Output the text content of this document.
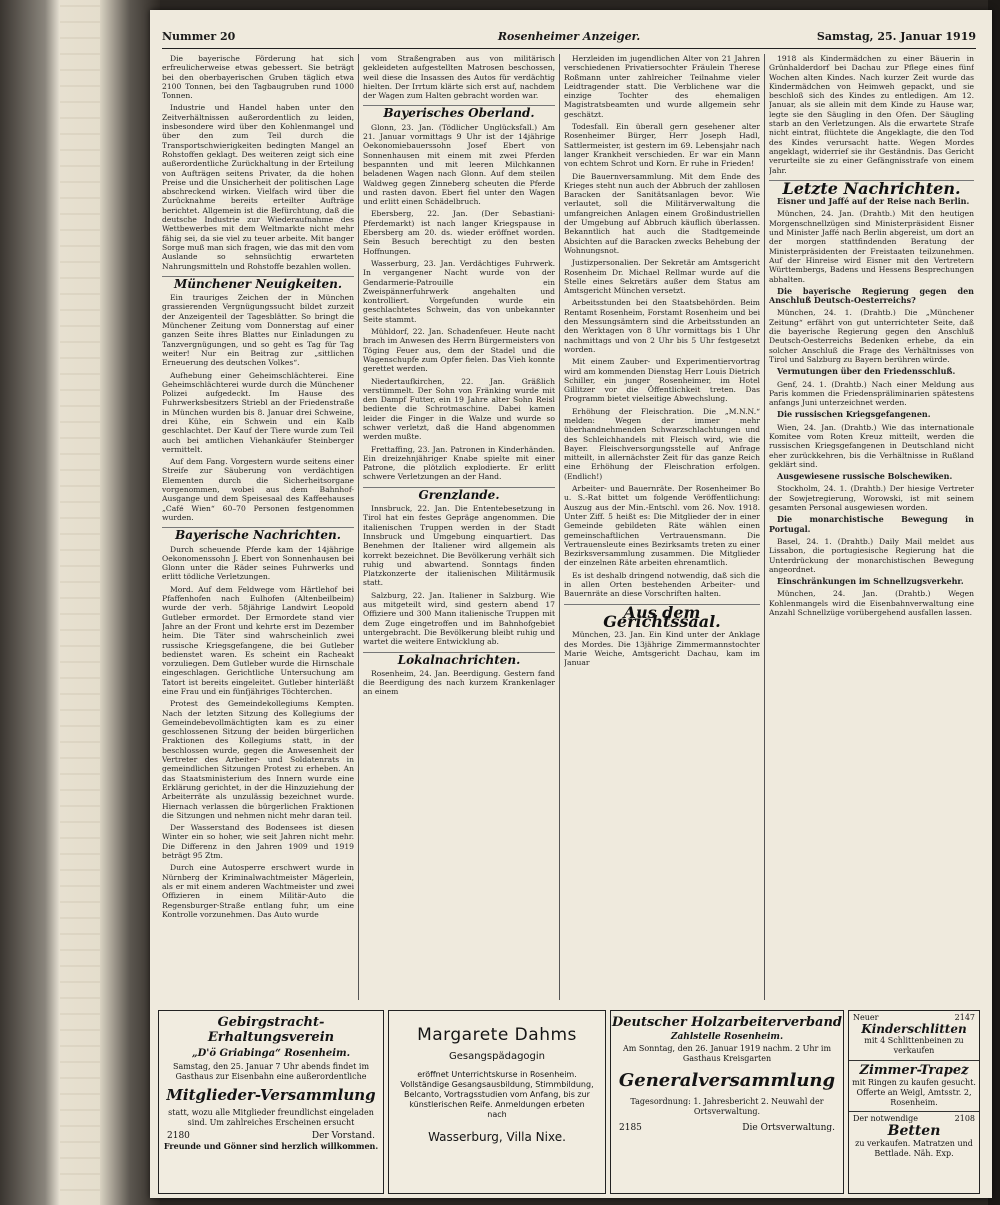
Nummer 20	Rosenheimer Anzeiger.	Samstag, 25. Januar 1919

Die bayerische Förderung hat sich erfreulicherweise etwas gebessert. Sie beträgt bei den oberbayerischen Gruben täglich etwa 2100 Tonnen, bei den Tagbaugruben rund 1000 Tonnen.

Industrie und Handel haben unter den Zeitverhältnissen außerordentlich zu leiden, insbesondere wird über den Kohlenmangel und über den zum Teil durch die Transportschwierigkeiten bedingten Mangel an Rohstoffen geklagt. Des weiteren zeigt sich eine außerordentliche Zurückhaltung in der Erteilung von Aufträgen seitens Privater, da die hohen Preise und die Unsicherheit der politischen Lage abschreckend wirken. Vielfach wird über die Zurücknahme bereits erteilter Aufträge berichtet. Allgemein ist die Befürchtung, daß die deutsche Industrie zur Wiederaufnahme des Wettbewerbes mit dem Weltmarkte nicht mehr fähig sei, da sie viel zu teuer arbeite. Mit banger Sorge muß man sich fragen, wie das mit den vom Auslande so sehnsüchtig erwarteten Nahrungsmitteln und Rohstoffe bezahlen wollen.

Münchener Neuigkeiten.

Ein trauriges Zeichen der in München grassierenden Vergnügungssucht bildet zurzeit der Anzeigenteil der Tagesblätter. So bringt die Münchener Zeitung vom Donnerstag auf einer ganzen Seite ihres Blattes nur Einladungen zu Tanzvergnügungen, und so geht es Tag für Tag weiter! Nur ein Beitrag zur „sittlichen Erneuerung des deutschen Volkes“.

Aufhebung einer Geheimschlächterei. Eine Geheimschlächterei wurde durch die Münchener Polizei aufgedeckt. Im Hause des Fuhrwerksbesitzers Striebl an der Friedenstraße in München wurden bis 8. Januar drei Schweine, drei Kühe, ein Schwein und ein Kalb geschlachtet. Der Kauf der Tiere wurde zum Teil auch bei amtlichen Viehankäufer Steinberger vermittelt.

Auf dem Fang. Vorgestern wurde seitens einer Streife zur Säuberung von verdächtigen Elementen durch die Sicherheitsorgane vorgenommen, wobei aus dem Bahnhof-Ausgange und dem Speisesaal des Kaffeehauses „Café Wien“ 60–70 Personen festgenommen wurden.

Bayerische Nachrichten.

Durch scheuende Pferde kam der 14jährige Oekonomenssohn J. Ebert von Sonnenhausen bei Glonn unter die Räder seines Fuhrwerks und erlitt tödliche Verletzungen.

Mord. Auf dem Feldwege vom Härtlehof bei Pfaffenhofen nach Eulhofen (Altenbeilbeim) wurde der verh. 58jährige Landwirt Leopold Gutleber ermordet. Der Ermordete stand vier Jahre an der Front und kehrte erst im Dezember heim. Die Täter sind wahrscheinlich zwei russische Kriegsgefangene, die bei Gutleber bedienstet waren. Es scheint ein Racheakt vorzuliegen. Dem Gutleber wurde die Hirnschale eingeschlagen. Gerichtliche Untersuchung am Tatort ist bereits eingeleitet. Gutleber hinterläßt eine Frau und ein fünfjähriges Töchterchen.

Protest des Gemeindekollegiums Kempten. Nach der letzten Sitzung des Kollegiums der Gemeindebevollmächtigten kam es zu einer geschlossenen Sitzung der beiden bürgerlichen Fraktionen des Kollegiums statt, in der beschlossen wurde, gegen die Anwesenheit der Vertreter des Arbeiter- und Soldatenrats in gemeindlichen Sitzungen Protest zu erheben. An das Staatsministerium des Innern wurde eine Erklärung gerichtet, in der die Hinzuziehung der Arbeiterräte als unzulässig bezeichnet wurde. Hiernach verlassen die bürgerlichen Fraktionen die Sitzungen und nehmen nicht mehr daran teil.

Der Wasserstand des Bodensees ist diesen Winter ein so hoher, wie seit Jahren nicht mehr. Die Differenz in den Jahren 1909 und 1919 beträgt 95 Ztm.

Durch eine Autosperre erschwert wurde in Nürnberg der Kriminalwachtmeister Mägerlein, als er mit einem anderen Wachtmeister und zwei Offizieren in einem Militär-Auto die Regensburger-Straße entlang fuhr, um eine Kontrolle vorzunehmen. Das Auto wurde

vom Straßengraben aus von militärisch gekleideten aufgestellten Matrosen beschossen, weil diese die Insassen des Autos für verdächtig hielten. Der Irrtum klärte sich erst auf, nachdem der Wagen zum Halten gebracht worden war.

Bayerisches Oberland.

Glonn, 23. Jan. (Tödlicher Unglücksfall.) Am 21. Januar vormittags 9 Uhr ist der 14jährige Oekonomiebauerssohn Josef Ebert von Sonnenhausen mit einem mit zwei Pferden bespannten und mit leeren Milchkannen beladenen Wagen nach Glonn. Auf dem steilen Waldweg gegen Zinneberg scheuten die Pferde und rasten davon. Ebert fiel unter den Wagen und erlitt einen Schädelbruch.

Ebersberg, 22. Jan. (Der Sebastiani-Pferdemarkt) ist nach langer Kriegspause in Ebersberg am 20. ds. wieder eröffnet worden. Sein Besuch berechtigt zu den besten Hoffnungen.

Wasserburg, 23. Jan. Verdächtiges Fuhrwerk. In vergangener Nacht wurde von der Gendarmerie-Patrouille ein Zweispännerfuhrwerk angehalten und kontrolliert. Vorgefunden wurde ein geschlachtetes Schwein, das von unbekannter Seite stammt.

Mühldorf, 22. Jan. Schadenfeuer. Heute nacht brach im Anwesen des Herrn Bürgermeisters von Töging Feuer aus, dem der Stadel und die Wagenschupfe zum Opfer fielen. Das Vieh konnte gerettet werden.

Niedertaufkirchen, 22. Jan. Gräßlich verstümmelt. Der Sohn von Fränking wurde mit den Dampf Futter, ein 19 Jahre alter Sohn Reisl bediente die Schrotmaschine. Dabei kamen leider die Finger in die Walze und wurde so schwer verletzt, daß die Hand abgenommen werden mußte.

Frettaffing, 23. Jan. Patronen in Kinderhänden. Ein dreizehnjähriger Knabe spielte mit einer Patrone, die plötzlich explodierte. Er erlitt schwere Verletzungen an der Hand.

Grenzlande.

Innsbruck, 22. Jan. Die Ententebesetzung in Tirol hat ein festes Gepräge angenommen. Die italienischen Truppen werden in der Stadt Innsbruck und Umgebung einquartiert. Das Benehmen der Italiener wird allgemein als korrekt bezeichnet. Die Bevölkerung verhält sich ruhig und abwartend. Sonntags finden Platzkonzerte der italienischen Militärmusik statt.

Salzburg, 22. Jan. Italiener in Salzburg. Wie aus mitgeteilt wird, sind gestern abend 17 Offiziere und 300 Mann italienische Truppen mit dem Zuge eingetroffen und im Bahnhofgebiet untergebracht. Die Bevölkerung bleibt ruhig und wartet die weitere Entwicklung ab.

Lokalnachrichten.

Rosenheim, 24. Jan. Beerdigung. Gestern fand die Beerdigung des nach kurzem Krankenlager an einem

Herzleiden im jugendlichen Alter von 21 Jahren verschiedenen Privatiersochter Fräulein Therese Roßmann unter zahlreicher Teilnahme vieler Leidtragender statt. Die Verblichene war die einzige Tochter des ehemaligen Magistratsbeamten und wurde allgemein sehr geschätzt.

Todesfall. Ein überall gern gesehener alter Rosenheimer Bürger, Herr Joseph Hadl, Sattlermeister, ist gestern im 69. Lebensjahr nach langer Krankheit verschieden. Er war ein Mann von echtem Schrot und Korn. Er ruhe in Frieden!

Die Bauernversammlung. Mit dem Ende des Krieges steht nun auch der Abbruch der zahllosen Baracken der Sanitätsanlagen bevor. Wie verlautet, soll die Militärverwaltung die umfangreichen Anlagen einem Großindustriellen der Umgebung auf Abbruch käuflich überlassen. Bekanntlich hat auch die Stadtgemeinde Absichten auf die Baracken zwecks Behebung der Wohnungsnot.

Justizpersonalien. Der Sekretär am Amtsgericht Rosenheim Dr. Michael Rellmar wurde auf die Stelle eines Sekretärs außer dem Status am Amtsgericht München versetzt.

Arbeitsstunden bei den Staatsbehörden. Beim Rentamt Rosenheim, Forstamt Rosenheim und bei den Messungsämtern sind die Arbeitsstunden an den Werktagen von 8 Uhr vormittags bis 1 Uhr nachmittags und von 2 Uhr bis 5 Uhr festgesetzt worden.

Mit einem Zauber- und Experimentiervortrag wird am kommenden Dienstag Herr Louis Dietrich Schiller, ein junger Rosenheimer, im Hotel Gillitzer vor die Öffentlichkeit treten. Das Programm bietet vielseitige Abwechslung.

Erhöhung der Fleischration. Die „M.N.N.“ melden: Wegen der immer mehr überhandnehmenden Schwarzschlachtungen und des Schleichhandels mit Fleisch wird, wie die Bayer. Fleischversorgungsstelle auf Anfrage mitteilt, in allernächster Zeit für das ganze Reich eine Erhöhung der Fleischration erfolgen. (Endlich!)

Arbeiter- und Bauernräte. Der Rosenheimer Bo u. S.-Rat bittet um folgende Veröffentlichung: Auszug aus der Min.-Entschl. vom 26. Nov. 1918. Unter Ziff. 5 heißt es: Die Mitglieder der in einer Gemeinde gebildeten Räte wählen einen gemeinschaftlichen Vertrauensmann. Die Vertrauensleute eines Bezirksamts treten zu einer Bezirksversammlung zusammen. Die Mitglieder der einzelnen Räte arbeiten ehrenamtlich.

Es ist deshalb dringend notwendig, daß sich die in allen Orten bestehenden Arbeiter- und Bauernräte an diese Vorschriften halten.

Aus dem Gerichtssaal.

München, 23. Jan. Ein Kind unter der Anklage des Mordes. Die 13jährige Zimmermannstochter Marie Weiche, Amtsgericht Dachau, kam im Januar

1918 als Kindermädchen zu einer Bäuerin in Grünhalderdorf bei Dachau zur Pflege eines fünf Wochen alten Kindes. Nach kurzer Zeit wurde das Kindermädchen von Heimweh gepackt, und sie beschloß sich des Kindes zu entledigen. Am 12. Januar, als sie allein mit dem Kinde zu Hause war, legte sie den Säugling in den Ofen. Der Säugling starb an den Verletzungen. Als die erwartete Strafe nicht eintrat, flüchtete die Angeklagte, die den Tod des Kindes verursacht hatte. Wegen Mordes angeklagt, widerrief sie ihr Geständnis. Das Gericht verurteilte sie zu einer Gefängnisstrafe von einem Jahr.

Letzte Nachrichten.

Eisner und Jaffé auf der Reise nach Berlin.

München, 24. Jan. (Drahtb.) Mit den heutigen Morgenschnellzügen sind Ministerpräsident Eisner und Minister Jaffé nach Berlin abgereist, um dort an der morgen stattfindenden Beratung der Ministerpräsidenten der Freistaaten teilzunehmen. Auf der Hinreise wird Eisner mit den Vertretern Württembergs, Badens und Hessens Besprechungen abhalten.

Die bayerische Regierung gegen den Anschluß Deutsch-Oesterreichs?

München, 24. 1. (Drahtb.) Die „Münchener Zeitung“ erfährt von gut unterrichteter Seite, daß die bayerische Regierung gegen den Anschluß Deutsch-Oesterreichs Bedenken erhebe, da ein solcher Anschluß die Frage des Verhältnisses von Tirol und Salzburg zu Bayern berühren würde.

Vermutungen über den Friedensschluß.

Genf, 24. 1. (Drahtb.) Nach einer Meldung aus Paris kommen die Friedenspräliminarien spätestens anfangs Juni unterzeichnet werden.

Die russischen Kriegsgefangenen.

Wien, 24. Jan. (Drahtb.) Wie das internationale Komitee vom Roten Kreuz mitteilt, werden die russischen Kriegsgefangenen in Deutschland nicht eher zurückkehren, bis die Verhältnisse in Rußland geklärt sind.

Ausgewiesene russische Bolschewiken.

Stockholm, 24. 1. (Drahtb.) Der hiesige Vertreter der Sowjetregierung, Worowski, ist mit seinem gesamten Personal ausgewiesen worden.

Die monarchistische Bewegung in Portugal.

Basel, 24. 1. (Drahtb.) Daily Mail meldet aus Lissabon, die portugiesische Regierung hat die Unterdrückung der monarchistischen Bewegung angeordnet.

Einschränkungen im Schnellzugsverkehr.

München, 24. Jan. (Drahtb.) Wegen Kohlenmangels wird die Eisenbahnverwaltung eine Anzahl Schnellzüge vorübergehend ausfallen lassen.

Gebirgstracht-Erhaltungsverein
„D'ö Griabinga“ Rosenheim.
Samstag, den 25. Januar 7 Uhr abends findet im Gasthaus zur Eisenbahn eine außerordentliche
Mitglieder-Versammlung
statt, wozu alle Mitglieder freundlichst eingeladen sind. Um zahlreiches Erscheinen ersucht
2180	Der Vorstand.
Freunde und Gönner sind herzlich willkommen.
Margarete Dahms
Gesangspädagogin
eröffnet Unterrichtskurse in Rosenheim. Vollständige Gesangsausbildung, Stimmbildung, Belcanto, Vortragsstudien vom Anfang, bis zur künstlerischen Reife. Anmeldungen erbeten nach
Wasserburg, Villa Nixe.
Deutscher Holzarbeiterverband
Zahlstelle Rosenheim.
Am Sonntag, den 26. Januar 1919 nachm. 2 Uhr im Gasthaus Kreisgarten
Generalversammlung
Tagesordnung: 1. Jahresbericht 2. Neuwahl der Ortsverwaltung.
2185	Die Ortsverwaltung.
Neuer	2147
Kinderschlitten
mit 4 Schlittenbeinen zu verkaufen
Zimmer-Trapez
mit Ringen zu kaufen gesucht. Offerte an Weigl, Amtsstr. 2, Rosenheim.
Der notwendige	2108
Betten
zu verkaufen. Matratzen und Bettlade. Näh. Exp.
